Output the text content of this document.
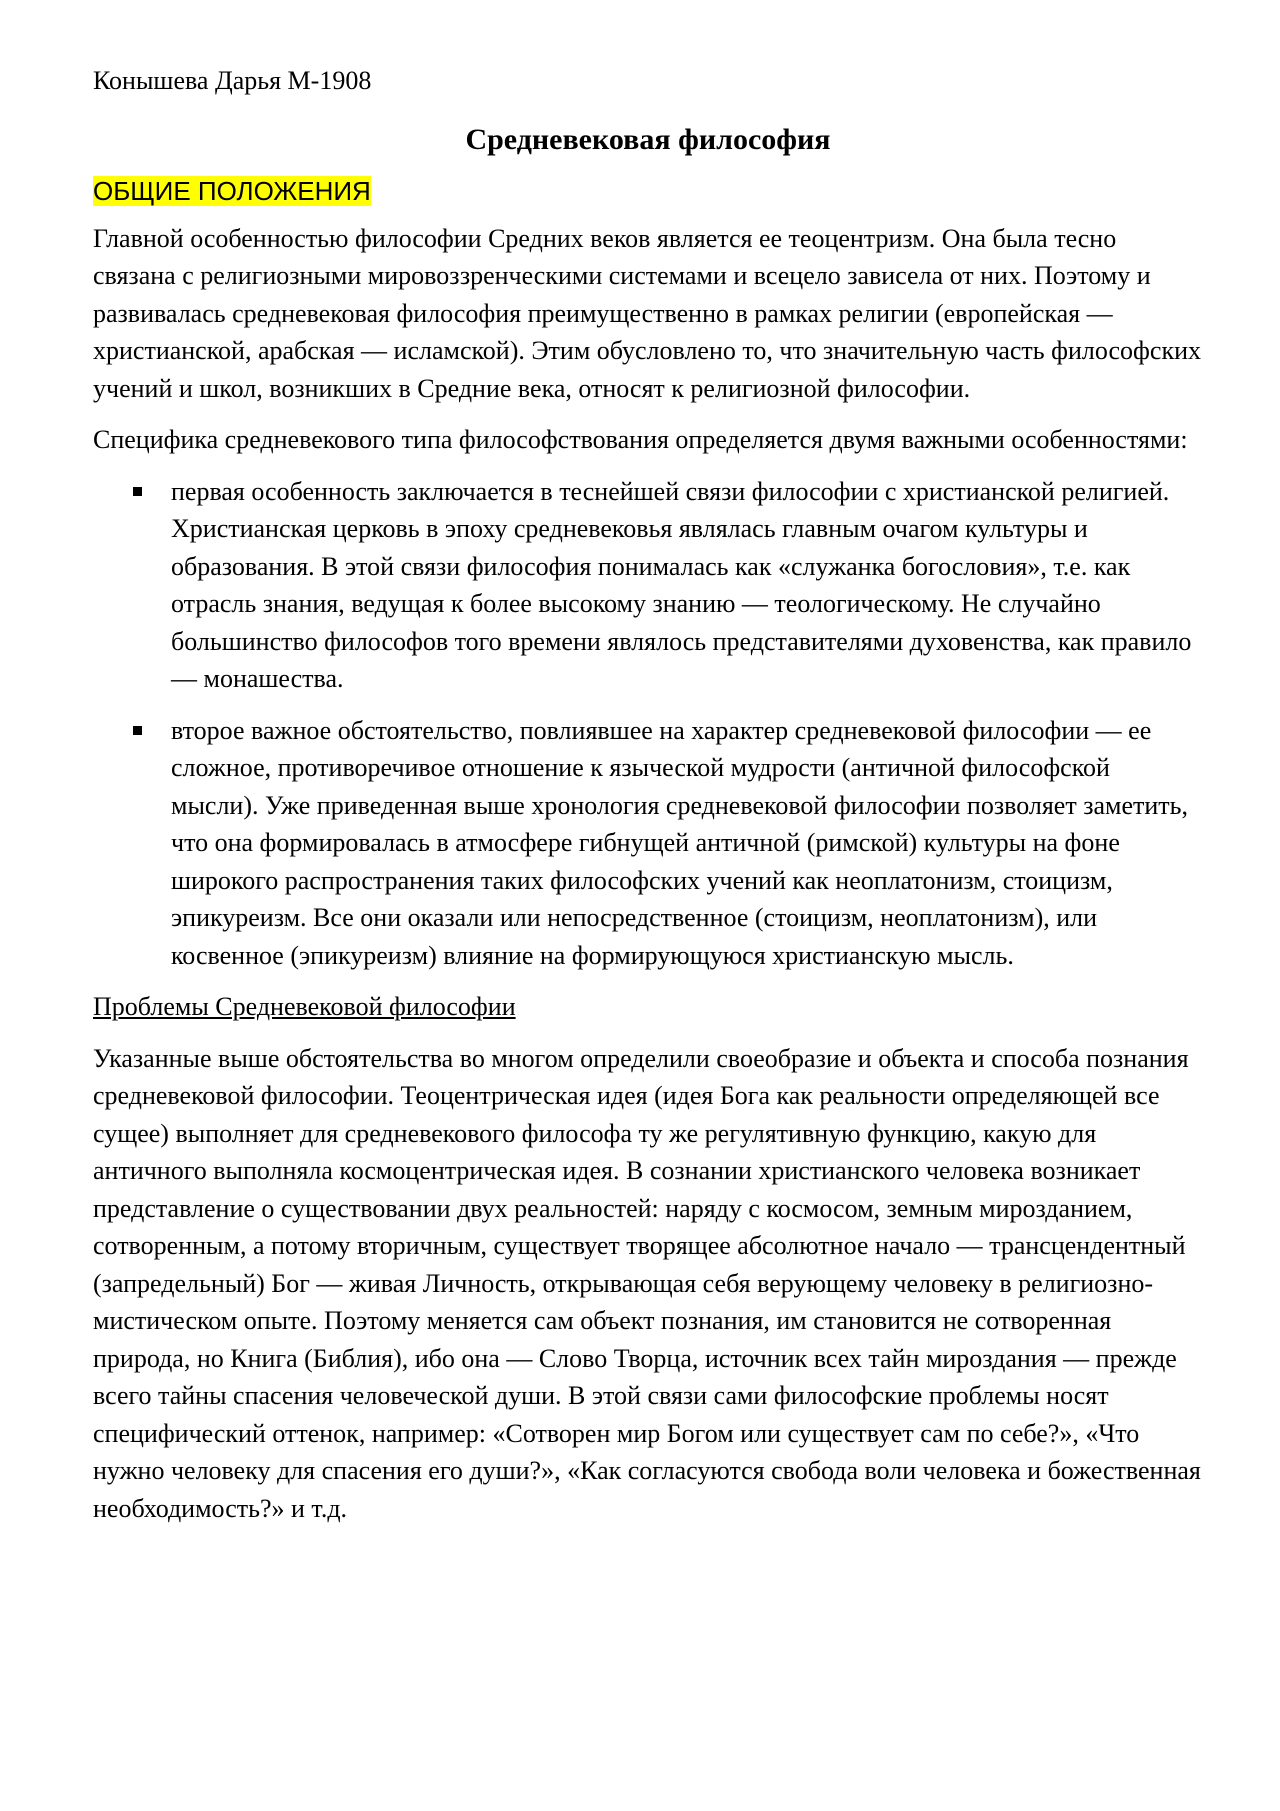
Конышева Дарья М-1908

Средневековая философия

ОБЩИЕ ПОЛОЖЕНИЯ

Главной особенностью философии Средних веков является ее теоцентризм. Она была тесно связана с религиозными мировоззренческими системами и всецело зависела от них. Поэтому и развивалась средневековая философия преимущественно в рамках религии (европейская — христианской, арабская — исламской). Этим обусловлено то, что значительную часть философских учений и школ, возникших в Средние века, относят к религиозной философии.

Специфика средневекового типа философствования определяется двумя важными особенностями:

первая особенность заключается в теснейшей связи философии с христианской религией. Христианская церковь в эпоху средневековья являлась главным очагом культуры и образования. В этой связи философия понималась как «служанка богословия», т.е. как отрасль знания, ведущая к более высокому знанию — теологическому. Не случайно большинство философов того времени являлось представителями духовенства, как правило — монашества.
второе важное обстоятельство, повлиявшее на характер средневековой философии — ее сложное, противоречивое отношение к языческой мудрости (античной философской мысли). Уже приведенная выше хронология средневековой философии позволяет заметить, что она формировалась в атмосфере гибнущей античной (римской) культуры на фоне широкого распространения таких философских учений как неоплатонизм, стоицизм, эпикуреизм. Все они оказали или непосредственное (стоицизм, неоплатонизм), или косвенное (эпикуреизм) влияние на формирующуюся христианскую мысль.

Проблемы Средневековой философии

Указанные выше обстоятельства во многом определили своеобразие и объекта и способа познания средневековой философии. Теоцентрическая идея (идея Бога как реальности определяющей все сущее) выполняет для средневекового философа ту же регулятивную функцию, какую для античного выполняла космоцентрическая идея. В сознании христианского человека возникает представление о существовании двух реальностей: наряду с космосом, земным мирозданием, сотворенным, а потому вторичным, существует творящее абсолютное начало — трансцендентный (запредельный) Бог — живая Личность, открывающая себя верующему человеку в религиозно-мистическом опыте. Поэтому меняется сам объект познания, им становится не сотворенная природа, но Книга (Библия), ибо она — Слово Творца, источник всех тайн мироздания — прежде всего тайны спасения человеческой души. В этой связи сами философские проблемы носят специфический оттенок, например: «Сотворен мир Богом или существует сам по себе?», «Что нужно человеку для спасения его души?», «Как согласуются свобода воли человека и божественная необходимость?» и т.д.
